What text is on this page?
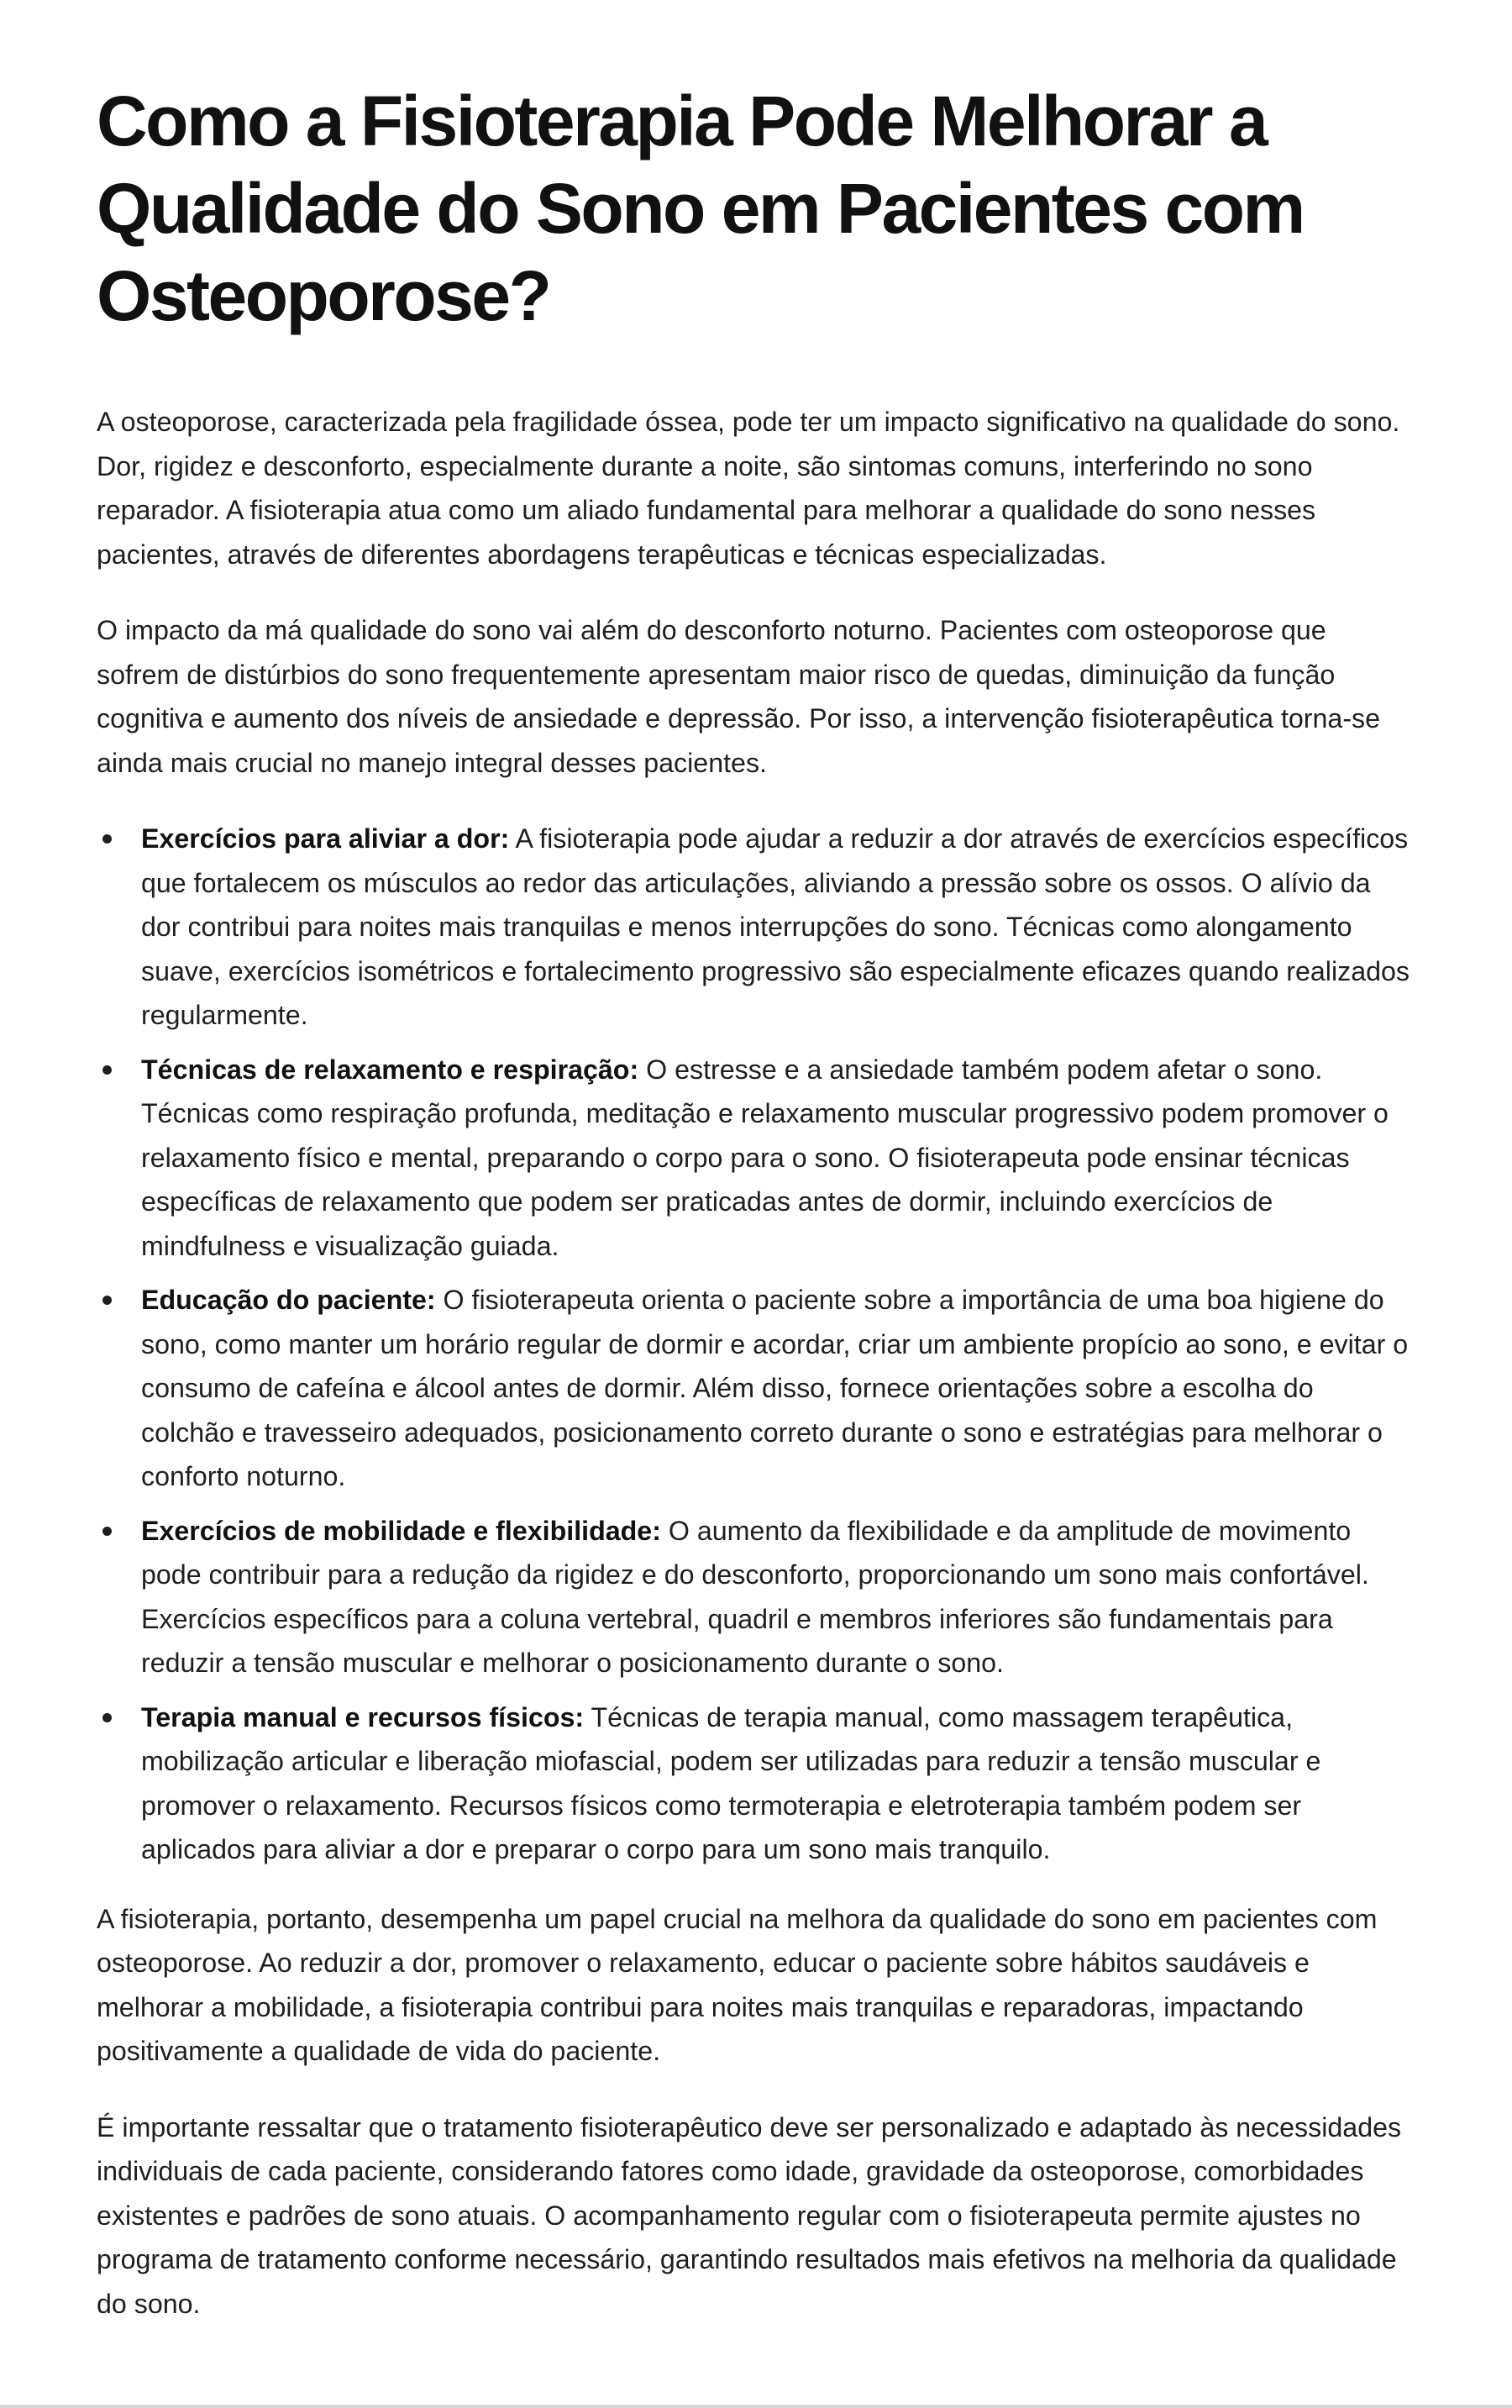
Como a Fisioterapia Pode Melhorar a Qualidade do Sono em Pacientes com Osteoporose?

A osteoporose, caracterizada pela fragilidade óssea, pode ter um impacto significativo na qualidade do sono. Dor, rigidez e desconforto, especialmente durante a noite, são sintomas comuns, interferindo no sono reparador. A fisioterapia atua como um aliado fundamental para melhorar a qualidade do sono nesses pacientes, através de diferentes abordagens terapêuticas e técnicas especializadas.

O impacto da má qualidade do sono vai além do desconforto noturno. Pacientes com osteoporose que sofrem de distúrbios do sono frequentemente apresentam maior risco de quedas, diminuição da função cognitiva e aumento dos níveis de ansiedade e depressão. Por isso, a intervenção fisioterapêutica torna-se ainda mais crucial no manejo integral desses pacientes.

Exercícios para aliviar a dor: A fisioterapia pode ajudar a reduzir a dor através de exercícios específicos que fortalecem os músculos ao redor das articulações, aliviando a pressão sobre os ossos. O alívio da dor contribui para noites mais tranquilas e menos interrupções do sono. Técnicas como alongamento suave, exercícios isométricos e fortalecimento progressivo são especialmente eficazes quando realizados regularmente.
Técnicas de relaxamento e respiração: O estresse e a ansiedade também podem afetar o sono. Técnicas como respiração profunda, meditação e relaxamento muscular progressivo podem promover o relaxamento físico e mental, preparando o corpo para o sono. O fisioterapeuta pode ensinar técnicas específicas de relaxamento que podem ser praticadas antes de dormir, incluindo exercícios de mindfulness e visualização guiada.
Educação do paciente: O fisioterapeuta orienta o paciente sobre a importância de uma boa higiene do sono, como manter um horário regular de dormir e acordar, criar um ambiente propício ao sono, e evitar o consumo de cafeína e álcool antes de dormir. Além disso, fornece orientações sobre a escolha do colchão e travesseiro adequados, posicionamento correto durante o sono e estratégias para melhorar o conforto noturno.
Exercícios de mobilidade e flexibilidade: O aumento da flexibilidade e da amplitude de movimento pode contribuir para a redução da rigidez e do desconforto, proporcionando um sono mais confortável. Exercícios específicos para a coluna vertebral, quadril e membros inferiores são fundamentais para reduzir a tensão muscular e melhorar o posicionamento durante o sono.
Terapia manual e recursos físicos: Técnicas de terapia manual, como massagem terapêutica, mobilização articular e liberação miofascial, podem ser utilizadas para reduzir a tensão muscular e promover o relaxamento. Recursos físicos como termoterapia e eletroterapia também podem ser aplicados para aliviar a dor e preparar o corpo para um sono mais tranquilo.

A fisioterapia, portanto, desempenha um papel crucial na melhora da qualidade do sono em pacientes com osteoporose. Ao reduzir a dor, promover o relaxamento, educar o paciente sobre hábitos saudáveis e melhorar a mobilidade, a fisioterapia contribui para noites mais tranquilas e reparadoras, impactando positivamente a qualidade de vida do paciente.

É importante ressaltar que o tratamento fisioterapêutico deve ser personalizado e adaptado às necessidades individuais de cada paciente, considerando fatores como idade, gravidade da osteoporose, comorbidades existentes e padrões de sono atuais. O acompanhamento regular com o fisioterapeuta permite ajustes no programa de tratamento conforme necessário, garantindo resultados mais efetivos na melhoria da qualidade do sono.
